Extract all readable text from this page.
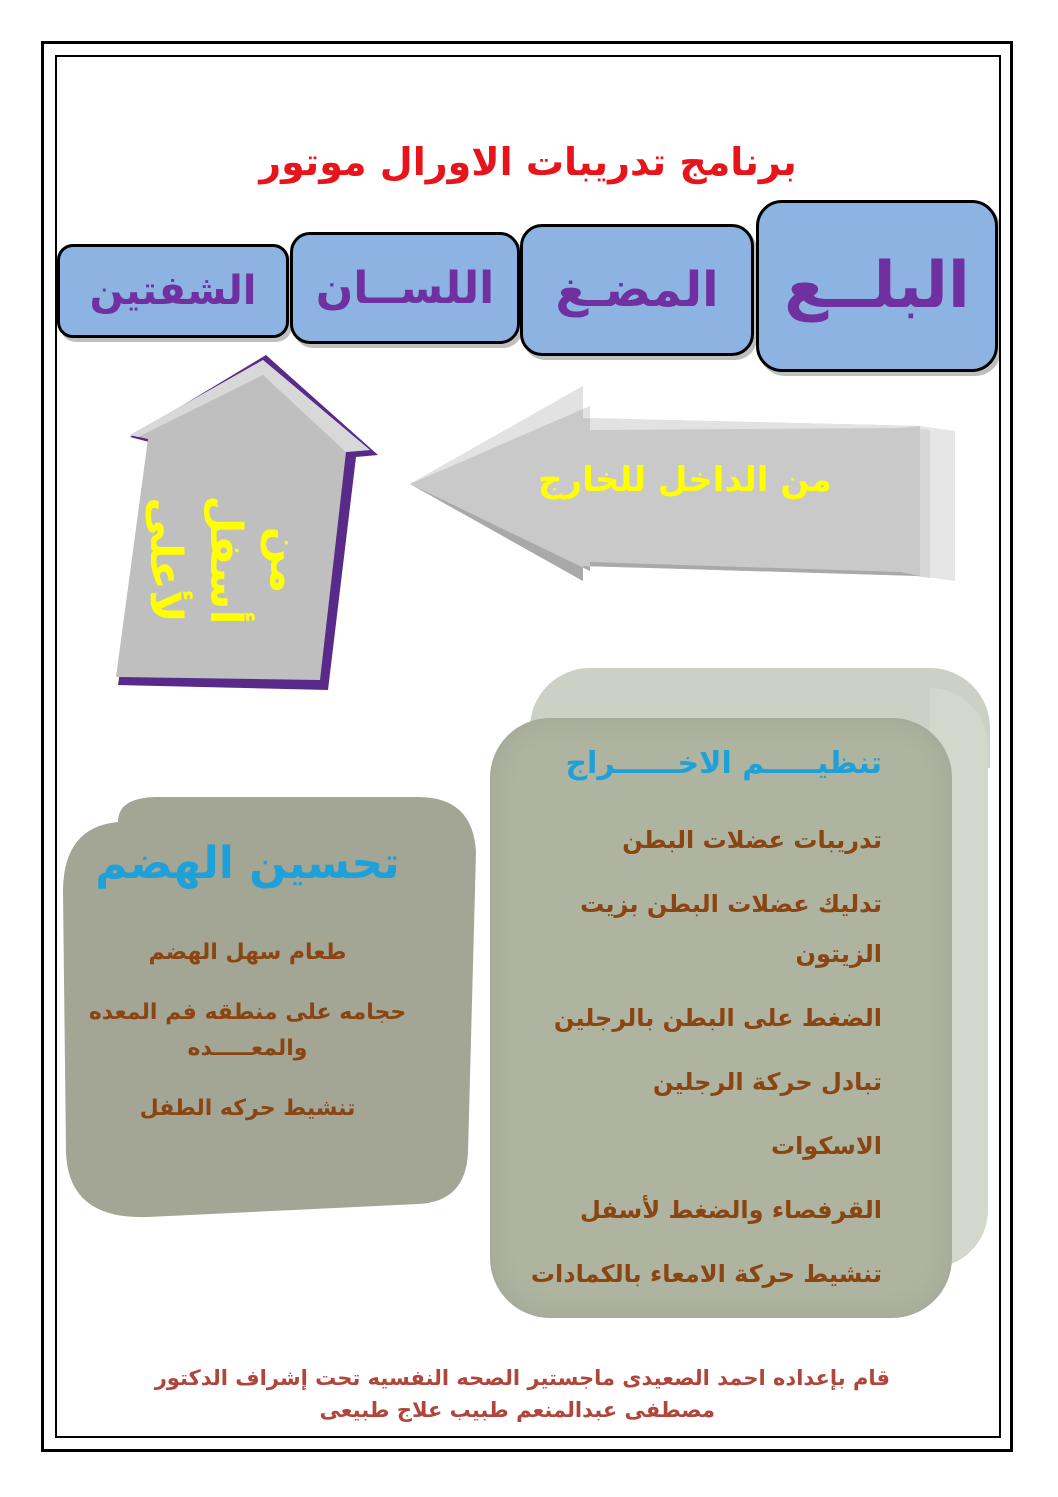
برنامج تدريبات الاورال موتور
البلــع
المضـغ
اللســان
الشفتين
من الداخل للخارج
من أسفل
لأعلى
تنظيـــــم الاخــــــراج
تدريبات عضلات البطن
تدليك عضلات البطن بزيت الزيتون
الضغط على البطن بالرجلين
تبادل حركة الرجلين
الاسكوات
القرفصاء والضغط لأسفل
تنشيط حركة الامعاء بالكمادات
تحسين الهضم
طعام سهل الهضم
حجامه على منطقه فم المعده والمعـــــده
تنشيط حركه الطفل
قام بإعداده احمد الصعيدى ماجستير الصحه النفسيه تحت إشراف الدكتور
مصطفى عبدالمنعم طبيب علاج طبيعى
